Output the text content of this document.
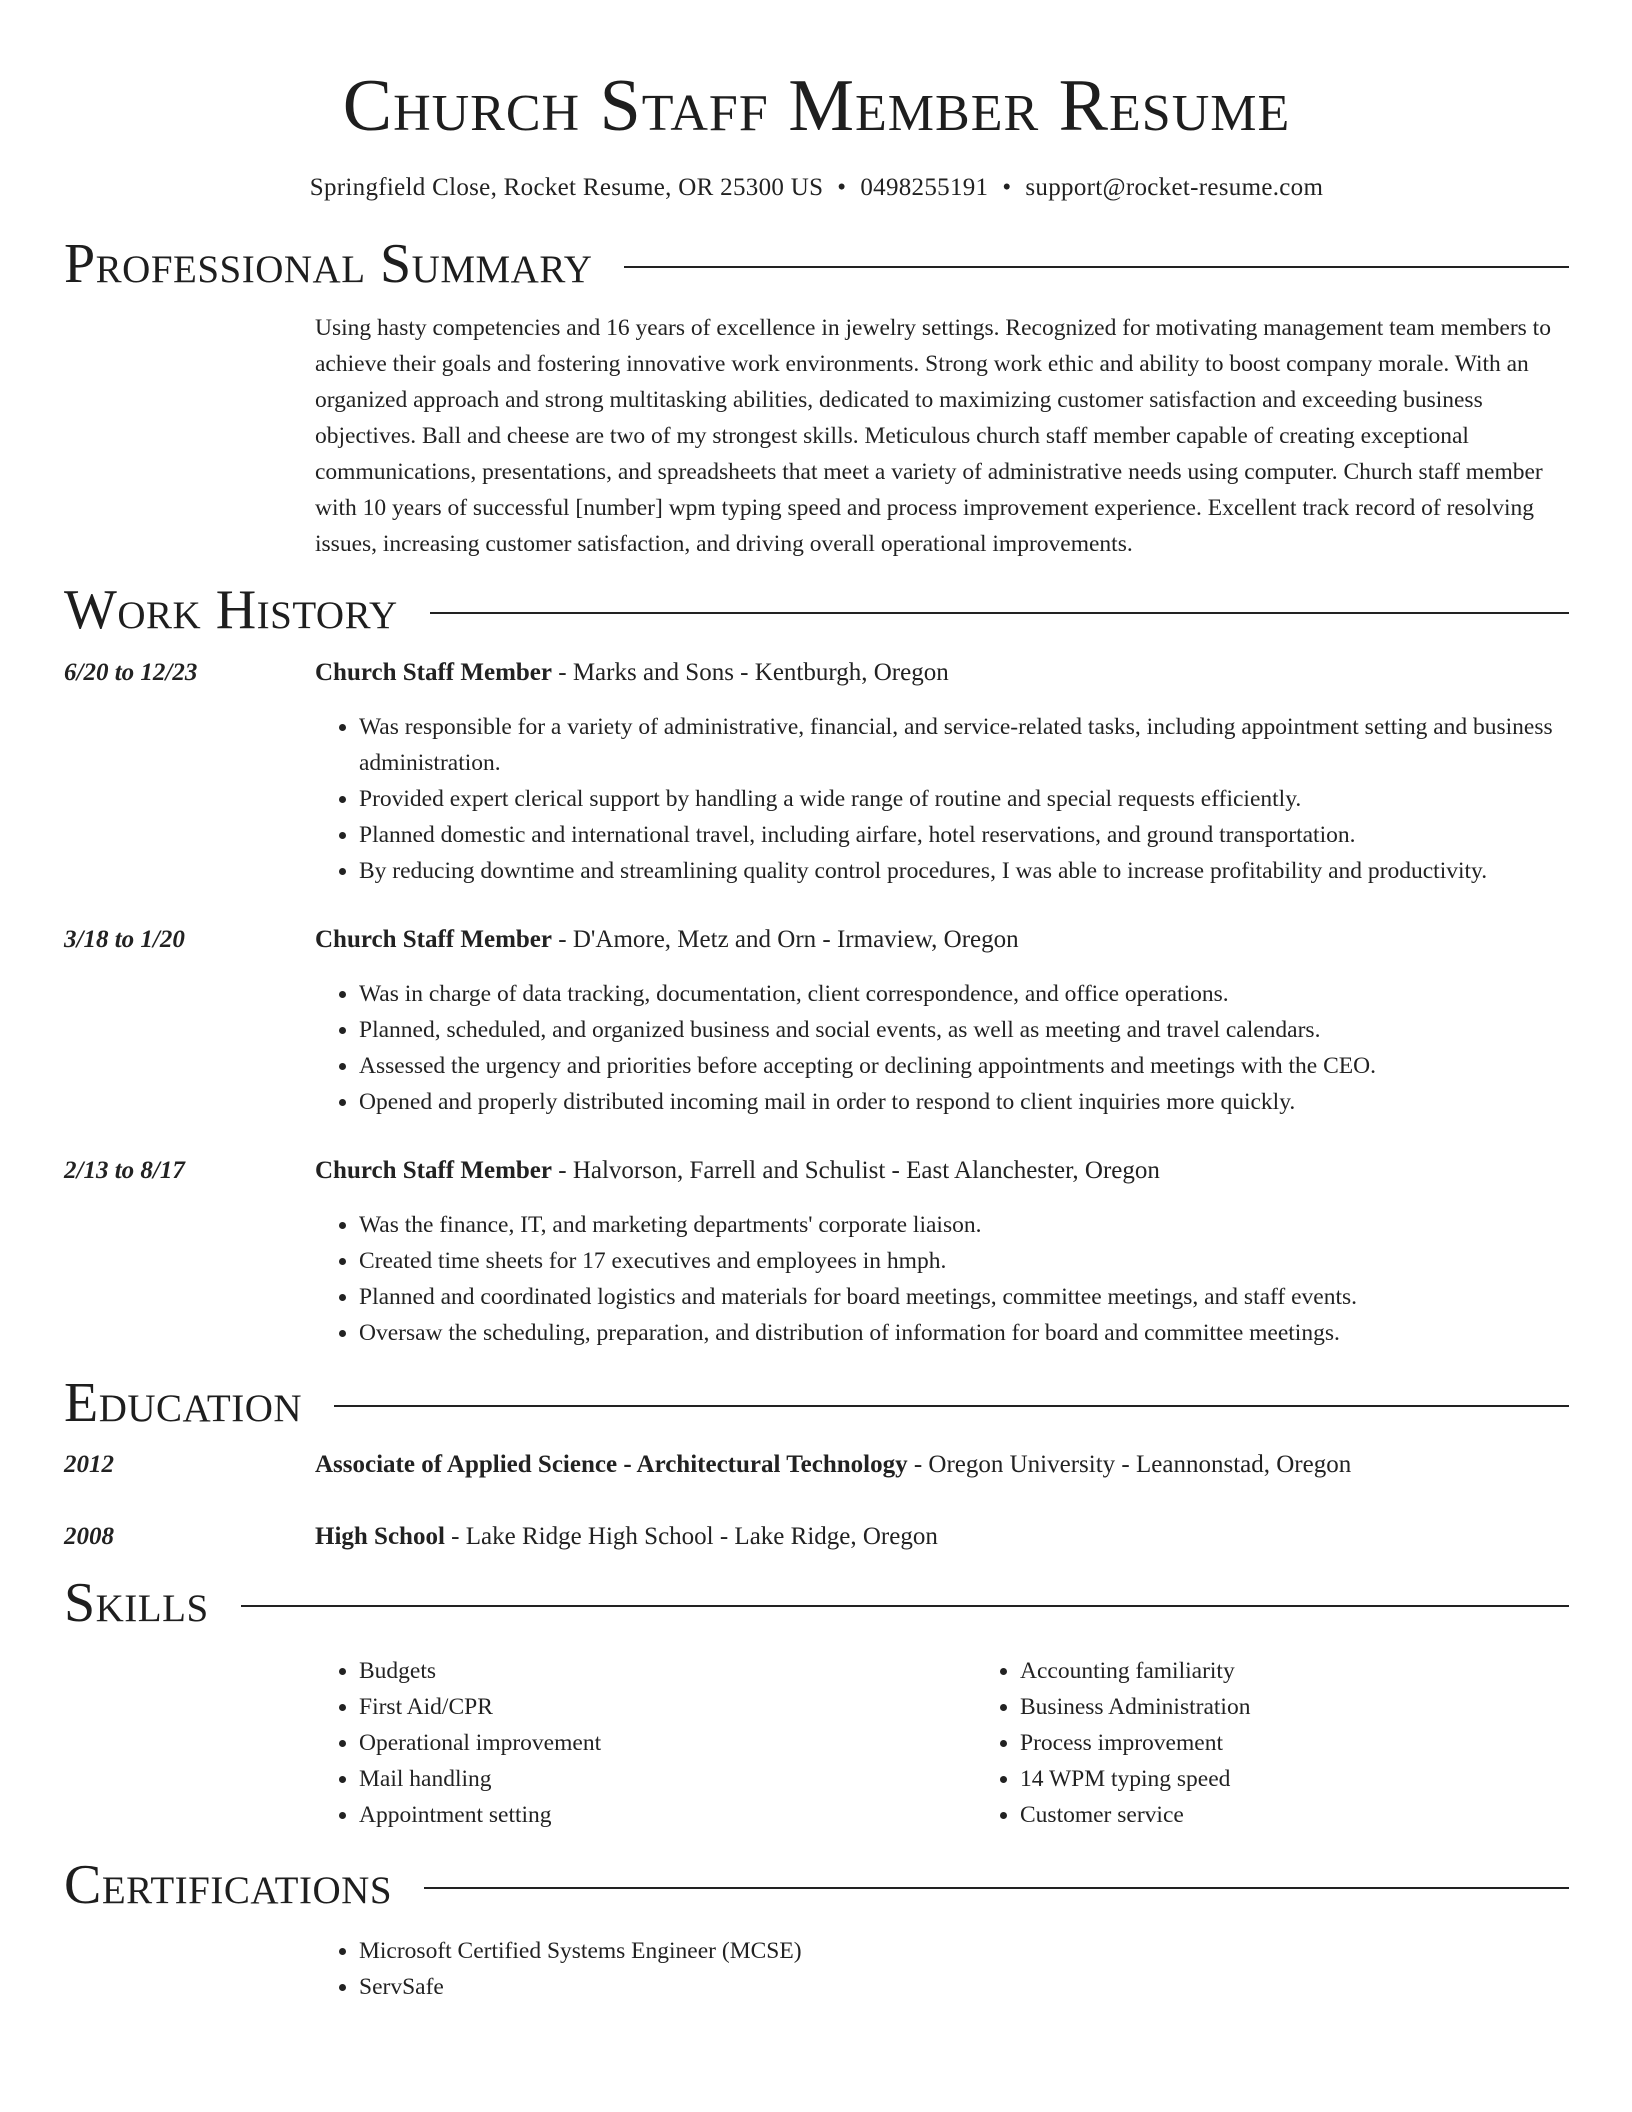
Church Staff Member Resume
Springfield Close, Rocket Resume, OR 25300 US • 0498255191 • support@rocket-resume.com
Professional Summary

Using hasty competencies and 16 years of excellence in jewelry settings. Recognized for motivating management team members to achieve their goals and fostering innovative work environments. Strong work ethic and ability to boost company morale. With an organized approach and strong multitasking abilities, dedicated to maximizing customer satisfaction and exceeding business objectives. Ball and cheese are two of my strongest skills. Meticulous church staff member capable of creating exceptional communications, presentations, and spreadsheets that meet a variety of administrative needs using computer. Church staff member with 10 years of successful [number] wpm typing speed and process improvement experience. Excellent track record of resolving issues, increasing customer satisfaction, and driving overall operational improvements.

Work History
6/20 to 12/23	Church Staff Member - Marks and Sons - Kentburgh, Oregon
• Was responsible for a variety of administrative, financial, and service-related tasks, including appointment setting and business administration.
• Provided expert clerical support by handling a wide range of routine and special requests efficiently.
• Planned domestic and international travel, including airfare, hotel reservations, and ground transportation.
• By reducing downtime and streamlining quality control procedures, I was able to increase profitability and productivity.
3/18 to 1/20	Church Staff Member - D'Amore, Metz and Orn - Irmaview, Oregon
• Was in charge of data tracking, documentation, client correspondence, and office operations.
• Planned, scheduled, and organized business and social events, as well as meeting and travel calendars.
• Assessed the urgency and priorities before accepting or declining appointments and meetings with the CEO.
• Opened and properly distributed incoming mail in order to respond to client inquiries more quickly.
2/13 to 8/17	Church Staff Member - Halvorson, Farrell and Schulist - East Alanchester, Oregon
• Was the finance, IT, and marketing departments' corporate liaison.
• Created time sheets for 17 executives and employees in hmph.
• Planned and coordinated logistics and materials for board meetings, committee meetings, and staff events.
• Oversaw the scheduling, preparation, and distribution of information for board and committee meetings.
Education
2012	Associate of Applied Science - Architectural Technology - Oregon University - Leannonstad, Oregon
2008	High School - Lake Ridge High School - Lake Ridge, Oregon
Skills
• Budgets
• First Aid/CPR
• Operational improvement
• Mail handling
• Appointment setting
• Accounting familiarity
• Business Administration
• Process improvement
• 14 WPM typing speed
• Customer service
Certifications
• Microsoft Certified Systems Engineer (MCSE)
• ServSafe
